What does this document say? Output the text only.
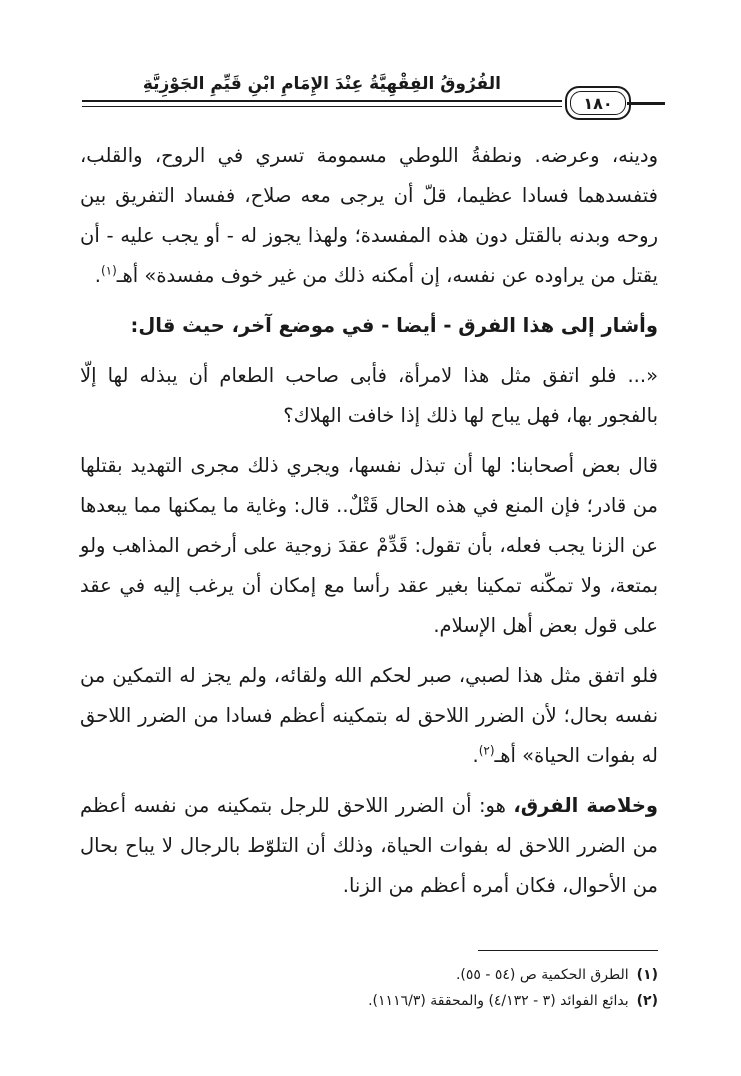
الفُرُوقُ الفِقْهِيَّةُ عِنْدَ الإِمَامِ ابْنِ قَيِّمِ الجَوْزِيَّةِ
١٨٠

ودينه، وعرضه. ونطفةُ اللوطي مسمومة تسري في الروح، والقلب، فتفسدهما فسادا عظيما، قلّ أن يرجى معه صلاح، ففساد التفريق بين روحه وبدنه بالقتل دون هذه المفسدة؛ ولهذا يجوز له - أو يجب عليه - أن يقتل من يراوده عن نفسه، إن أمكنه ذلك من غير خوف مفسدة» أهـ$^{(١)}$.

وأشار إلى هذا الفرق - أيضا - في موضع آخر، حيث قال:

«... فلو اتفق مثل هذا لامرأة، فأبى صاحب الطعام أن يبذله لها إلّا بالفجور بها، فهل يباح لها ذلك إذا خافت الهلاك؟

قال بعض أصحابنا: لها أن تبذل نفسها، ويجري ذلك مجرى التهديد بقتلها من قادر؛ فإن المنع في هذه الحال قَتْلٌ.. قال: وغاية ما يمكنها مما يبعدها عن الزنا يجب فعله، بأن تقول: قَدِّمْ عقدَ زوجية على أرخص المذاهب ولو بمتعة، ولا تمكّنه تمكينا بغير عقد رأسا مع إمكان أن يرغب إليه في عقد على قول بعض أهل الإسلام.

فلو اتفق مثل هذا لصبي، صبر لحكم الله ولقائه، ولم يجز له التمكين من نفسه بحال؛ لأن الضرر اللاحق له بتمكينه أعظم فسادا من الضرر اللاحق له بفوات الحياة» أهـ$^{(٢)}$.

وخلاصة الفرق، هو: أن الضرر اللاحق للرجل بتمكينه من نفسه أعظم من الضرر اللاحق له بفوات الحياة، وذلك أن التلوّط بالرجال لا يباح بحال من الأحوال، فكان أمره أعظم من الزنا.

(١)الطرق الحكمية ص (٥٤ - ٥٥).

(٢)بدائع الفوائد (٣ - ٤/١٣٢) والمحققة (١١١٦/٣).
